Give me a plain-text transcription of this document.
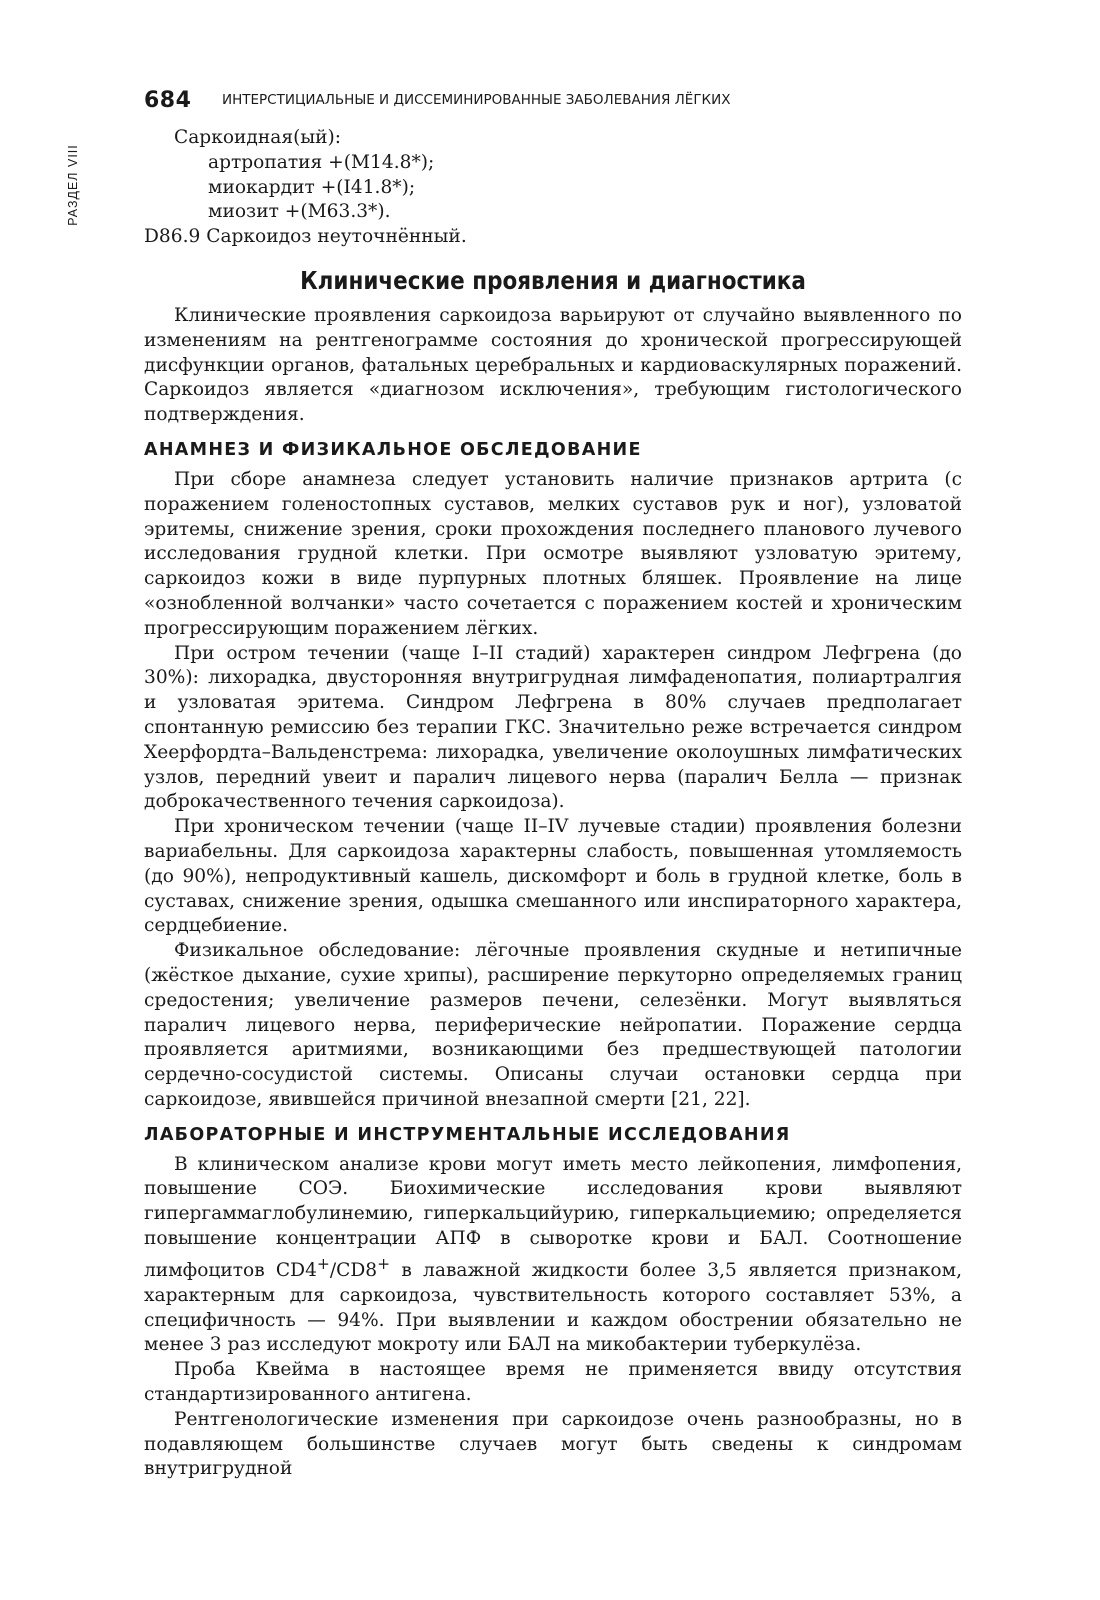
РАЗДЕЛ VIII
684 ИНТЕРСТИЦИАЛЬНЫЕ И ДИССЕМИНИРОВАННЫЕ ЗАБОЛЕВАНИЯ ЛЁГКИХ

Саркоидная(ый):

артропатия +(M14.8*);

миокардит +(I41.8*);

миозит +(M63.3*).

D86.9 Саркоидоз неуточнённый.

Клинические проявления и диагностика

Клинические проявления саркоидоза варьируют от случайно выявленного по изменениям на рентгенограмме состояния до хронической прогрессирующей дисфункции органов, фатальных церебральных и кардиоваскулярных поражений. Саркоидоз является «диагнозом исключения», требующим гистологического подтверждения.

АНАМНЕЗ И ФИЗИКАЛЬНОЕ ОБСЛЕДОВАНИЕ

При сборе анамнеза следует установить наличие признаков артрита (с поражением голеностопных суставов, мелких суставов рук и ног), узловатой эритемы, снижение зрения, сроки прохождения последнего планового лучевого исследования грудной клетки. При осмотре выявляют узловатую эритему, саркоидоз кожи в виде пурпурных плотных бляшек. Проявление на лице «ознобленной волчанки» часто сочетается с поражением костей и хроническим прогрессирующим поражением лёгких.

При остром течении (чаще I–II стадий) характерен синдром Лефгрена (до 30%): лихорадка, двусторонняя внутригрудная лимфаденопатия, полиартралгия и узловатая эритема. Синдром Лефгрена в 80% случаев предполагает спонтанную ремиссию без терапии ГКС. Значительно реже встречается синдром Хеерфордта–Вальденстрема: лихорадка, увеличение околоушных лимфатических узлов, передний увеит и паралич лицевого нерва (паралич Белла — признак доброкачественного течения саркоидоза).

При хроническом течении (чаще II–IV лучевые стадии) проявления болезни вариабельны. Для саркоидоза характерны слабость, повышенная утомляемость (до 90%), непродуктивный кашель, дискомфорт и боль в грудной клетке, боль в суставах, снижение зрения, одышка смешанного или инспираторного характера, сердцебиение.

Физикальное обследование: лёгочные проявления скудные и нетипичные (жёсткое дыхание, сухие хрипы), расширение перкуторно определяемых границ средостения; увеличение размеров печени, селезёнки. Могут выявляться паралич лицевого нерва, периферические нейропатии. Поражение сердца проявляется аритмиями, возникающими без предшествующей патологии сердечно-сосудистой системы. Описаны случаи остановки сердца при саркоидозе, явившейся причиной внезапной смерти [21, 22].

ЛАБОРАТОРНЫЕ И ИНСТРУМЕНТАЛЬНЫЕ ИССЛЕДОВАНИЯ

В клиническом анализе крови могут иметь место лейкопения, лимфопения, повышение СОЭ. Биохимические исследования крови выявляют гипергаммаглобулинемию, гиперкальцийурию, гиперкальциемию; определяется повышение концентрации АПФ в сыворотке крови и БАЛ. Соотношение лимфоцитов CD4+/CD8+ в лаважной жидкости более 3,5 является признаком, характерным для саркоидоза, чувствительность которого составляет 53%, а специфичность — 94%. При выявлении и каждом обострении обязательно не менее 3 раз исследуют мокроту или БАЛ на микобактерии туберкулёза.

Проба Квейма в настоящее время не применяется ввиду отсутствия стандартизированного антигена.

Рентгенологические изменения при саркоидозе очень разнообразны, но в подавляющем большинстве случаев могут быть сведены к синдромам внутригрудной
